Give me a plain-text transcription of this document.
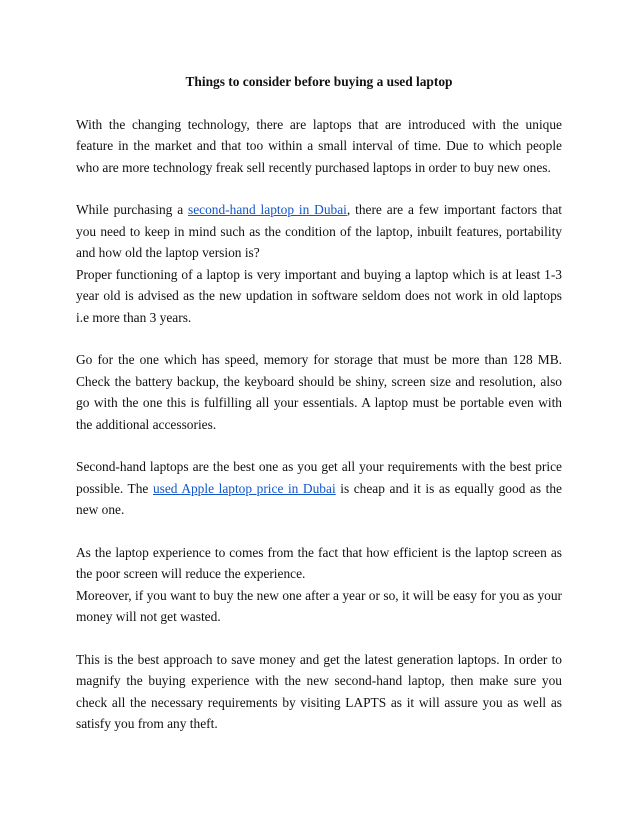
Things to consider before buying a used laptop

With the changing technology, there are laptops that are introduced with the unique feature in the market and that too within a small interval of time. Due to which people who are more technology freak sell recently purchased laptops in order to buy new ones.

While purchasing a second-hand laptop in Dubai, there are a few important factors that you need to keep in mind such as the condition of the laptop, inbuilt features, portability and how old the laptop version is?

Proper functioning of a laptop is very important and buying a laptop which is at least 1-3 year old is advised as the new updation in software seldom does not work in old laptops i.e more than 3 years.

Go for the one which has speed, memory for storage that must be more than 128 MB. Check the battery backup, the keyboard should be shiny, screen size and resolution, also go with the one this is fulfilling all your essentials. A laptop must be portable even with the additional accessories.

Second-hand laptops are the best one as you get all your requirements with the best price possible. The used Apple laptop price in Dubai is cheap and it is as equally good as the new one.

As the laptop experience to comes from the fact that how efficient is the laptop screen as the poor screen will reduce the experience.

Moreover, if you want to buy the new one after a year or so, it will be easy for you as your money will not get wasted.

This is the best approach to save money and get the latest generation laptops. In order to magnify the buying experience with the new second-hand laptop, then make sure you check all the necessary requirements by visiting LAPTS as it will assure you as well as satisfy you from any theft.
